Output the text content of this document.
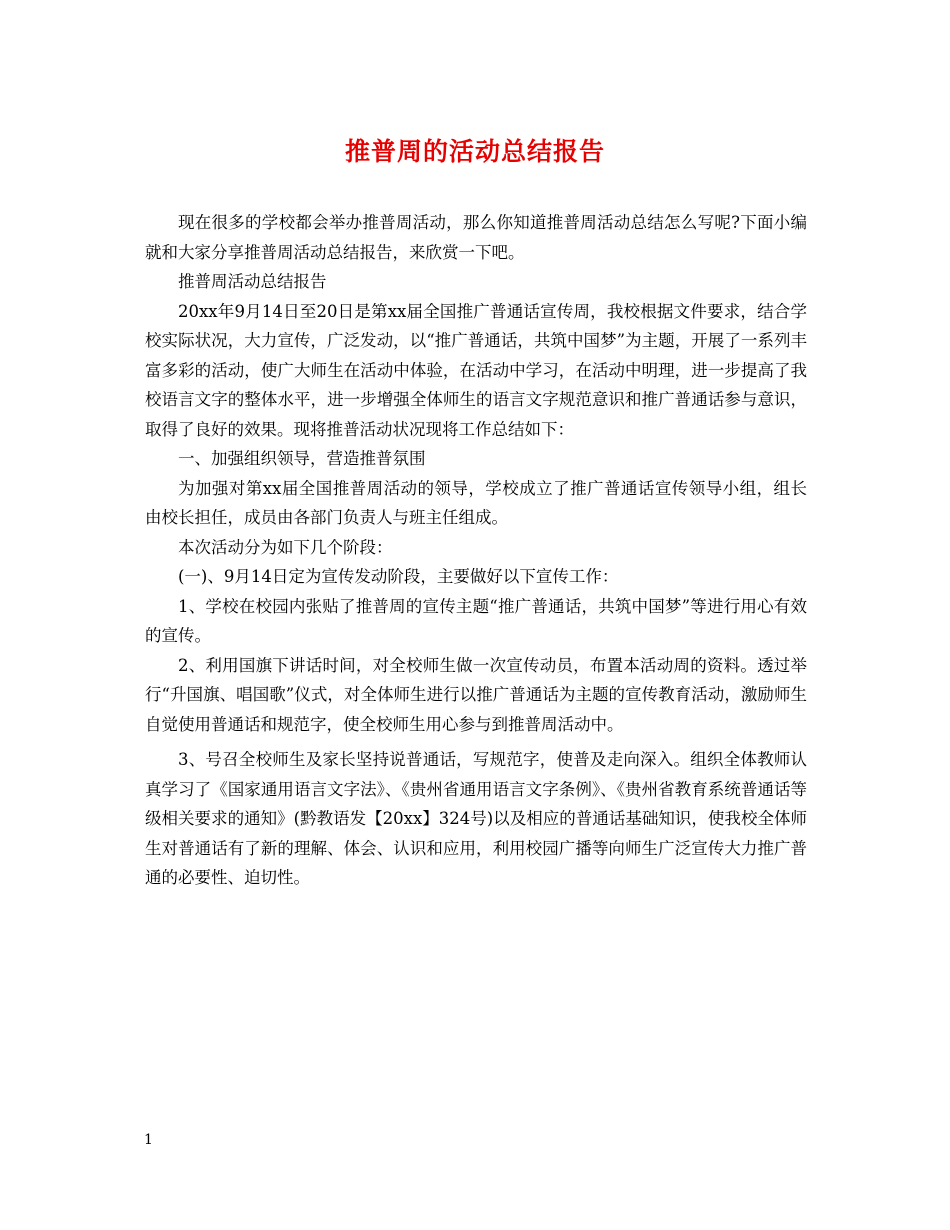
推普周的活动总结报告

现在很多的学校都会举办推普周活动，那么你知道推普周活动总结怎么写呢?下面小编就和大家分享推普周活动总结报告，来欣赏一下吧。

推普周活动总结报告

20xx年9月14日至20日是第xx届全国推广普通话宣传周，我校根据文件要求，结合学校实际状况，大力宣传，广泛发动，以“推广普通话，共筑中国梦”为主题，开展了一系列丰富多彩的活动，使广大师生在活动中体验，在活动中学习，在活动中明理，进一步提高了我校语言文字的整体水平，进一步增强全体师生的语言文字规范意识和推广普通话参与意识，取得了良好的效果。现将推普活动状况现将工作总结如下：

一、加强组织领导，营造推普氛围

为加强对第xx届全国推普周活动的领导，学校成立了推广普通话宣传领导小组，组长由校长担任，成员由各部门负责人与班主任组成。

本次活动分为如下几个阶段：

(一)、9月14日定为宣传发动阶段，主要做好以下宣传工作：

1、学校在校园内张贴了推普周的宣传主题“推广普通话，共筑中国梦”等进行用心有效的宣传。

2、利用国旗下讲话时间，对全校师生做一次宣传动员，布置本活动周的资料。透过举行“升国旗、唱国歌”仪式，对全体师生进行以推广普通话为主题的宣传教育活动，激励师生自觉使用普通话和规范字，使全校师生用心参与到推普周活动中。

3、号召全校师生及家长坚持说普通话，写规范字，使普及走向深入。组织全体教师认真学习了《国家通用语言文字法》、《贵州省通用语言文字条例》、《贵州省教育系统普通话等级相关要求的通知》(黔教语发【20xx】324号)以及相应的普通话基础知识，使我校全体师生对普通话有了新的理解、体会、认识和应用，利用校园广播等向师生广泛宣传大力推广普通的必要性、迫切性。

1
